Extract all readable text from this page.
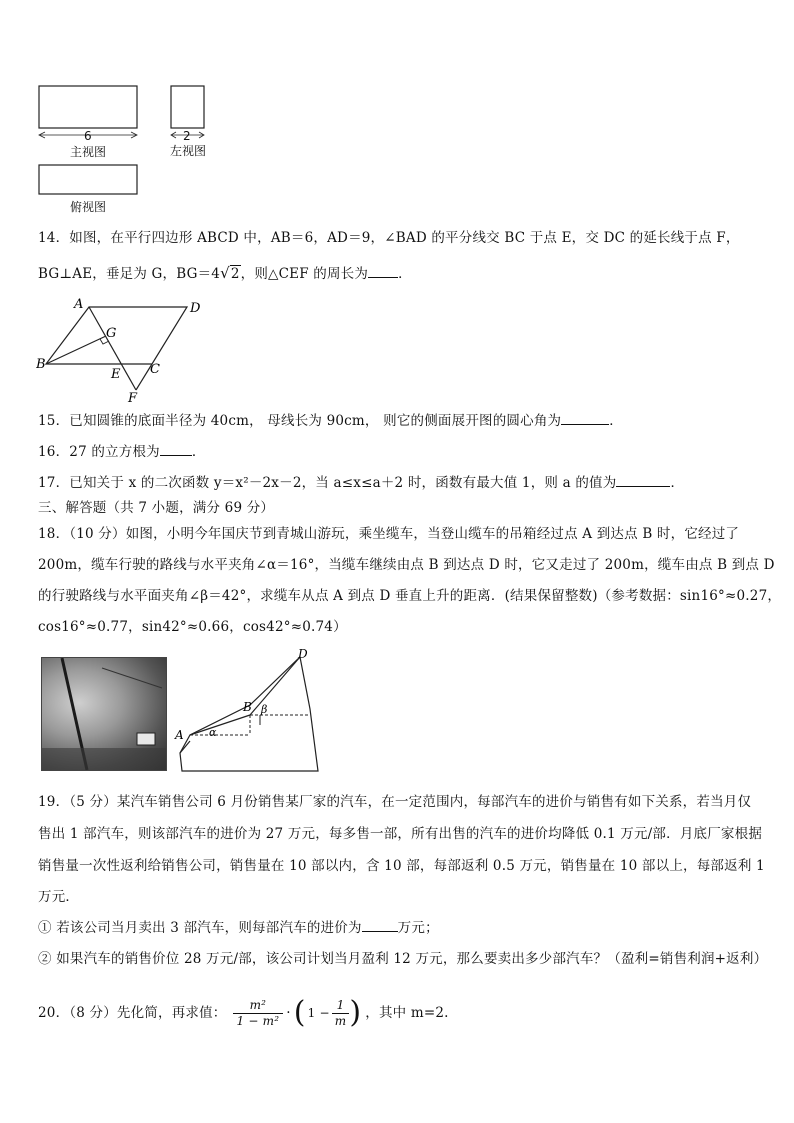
6
主视图
2
左视图
俯视图
14．如图，在平行四边形 ABCD 中，AB＝6，AD＝9，∠BAD 的平分线交 BC 于点 E，交 DC 的延长线于点 F，
BG⊥AE，垂足为 G，BG＝4√2，则△CEF 的周长为 ．
A	D
B	C
E
F
G
15．已知圆锥的底面半径为 40cm， 母线长为 90cm， 则它的侧面展开图的圆心角为	．
16．27 的立方根为 ．
17．已知关于 x 的二次函数 y＝x²－2x－2，当 a≤x≤a＋2 时，函数有最大值 1，则 a 的值为	．
三、解答题（共 7 小题，满分 69 分）
18．（10 分）如图，小明今年国庆节到青城山游玩，乘坐缆车，当登山缆车的吊箱经过点 A 到达点 B 时，它经过了
200m，缆车行驶的路线与水平夹角∠α＝16°，当缆车继续由点 B 到达点 D 时，它又走过了 200m，缆车由点 B 到点 D
的行驶路线与水平面夹角∠β＝42°，求缆车从点 A 到点 D 垂直上升的距离．(结果保留整数)（参考数据：sin16°≈0.27，
cos16°≈0.77，sin42°≈0.66，cos42°≈0.74）
A
B
D
α
β
19．（5 分）某汽车销售公司 6 月份销售某厂家的汽车，在一定范围内，每部汽车的进价与销售有如下关系，若当月仅
售出 1 部汽车，则该部汽车的进价为 27 万元，每多售一部，所有出售的汽车的进价均降低 0.1 万元/部．月底厂家根据
销售量一次性返利给销售公司，销售量在 10 部以内，含 10 部，每部返利 0.5 万元，销售量在 10 部以上，每部返利 1
万元．
① 若该公司当月卖出 3 部汽车，则每部汽车的进价为	万元；
② 如果汽车的销售价位 28 万元/部，该公司计划当月盈利 12 万元，那么要卖出多少部汽车？（盈利=销售利润+返利）
20．（8 分）先化简，再求值： $\frac{\text{m²}}{\text{1 − m²}}$ · ( $1 - \frac{1}{m}$ ) ，其中 m=2.
